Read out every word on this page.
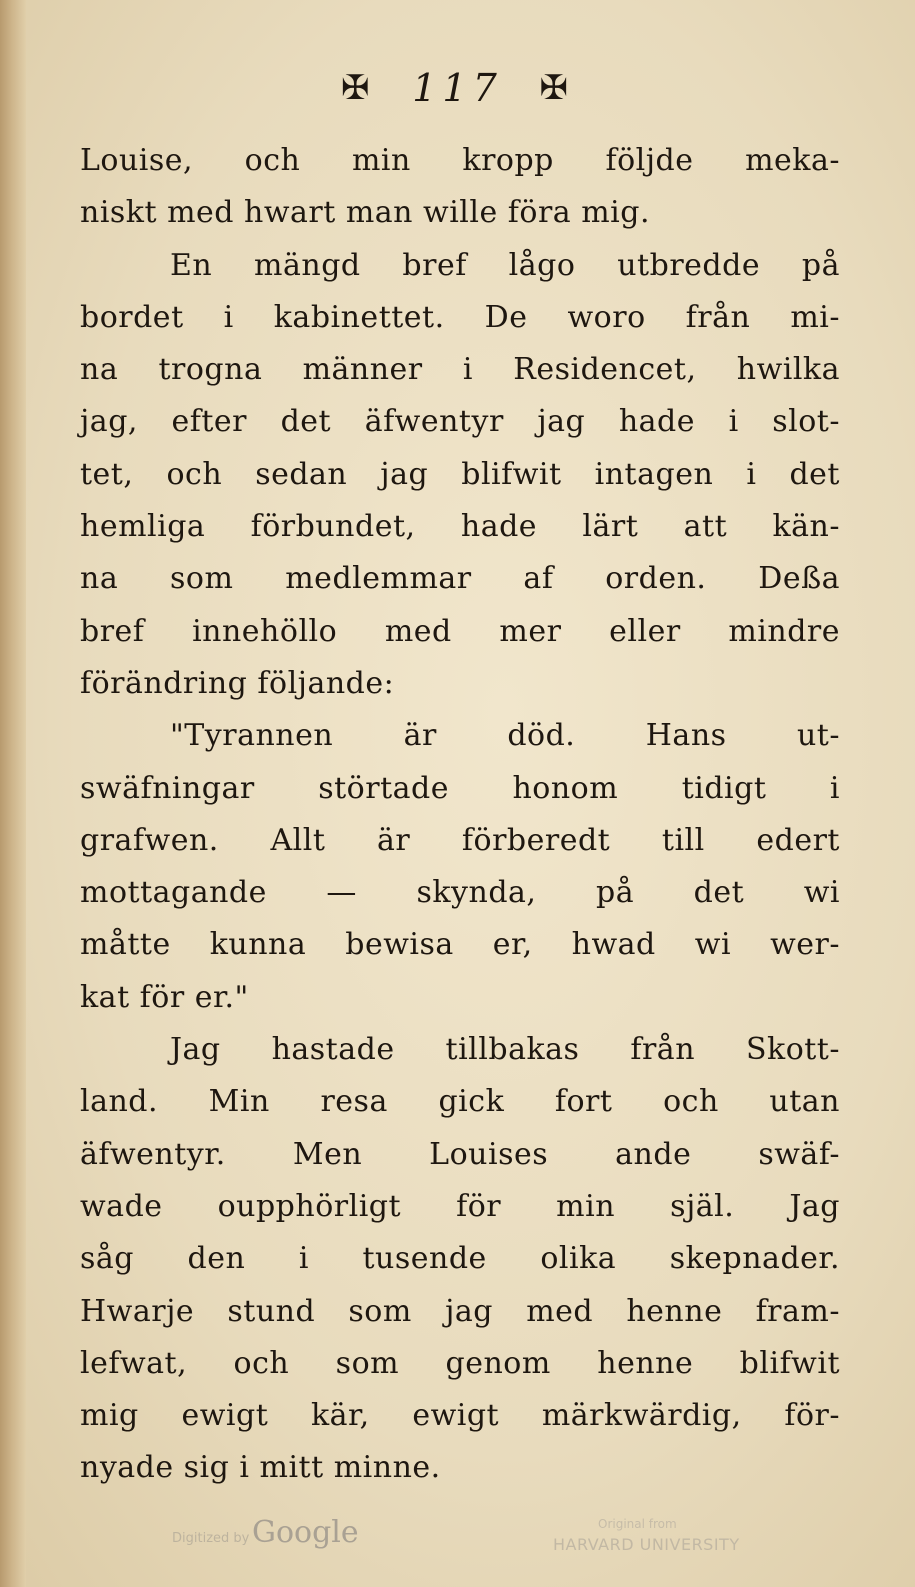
✠ 117 ✠
Louise, och min kropp följde meka-
niskt med hwart man wille föra mig.
En mängd bref lågo utbredde på
bordet i kabinettet. De woro från mi-
na trogna männer i Residencet, hwilka
jag, efter det äfwentyr jag hade i slot-
tet, och sedan jag blifwit intagen i det
hemliga förbundet, hade lärt att kän-
na som medlemmar af orden. Deßa
bref innehöllo med mer eller mindre
förändring följande:
"Tyrannen är död. Hans ut-
swäfningar störtade honom tidigt i
grafwen. Allt är förberedt till edert
mottagande — skynda, på det wi
måtte kunna bewisa er, hwad wi wer-
kat för er."
Jag hastade tillbakas från Skott-
land. Min resa gick fort och utan
äfwentyr. Men Louises ande swäf-
wade oupphörligt för min själ. Jag
såg den i tusende olika skepnader.
Hwarje stund som jag med henne fram-
lefwat, och som genom henne blifwit
mig ewigt kär, ewigt märkwärdig, för-
nyade sig i mitt minne.
Digitized by Google	Original from
HARVARD UNIVERSITY
